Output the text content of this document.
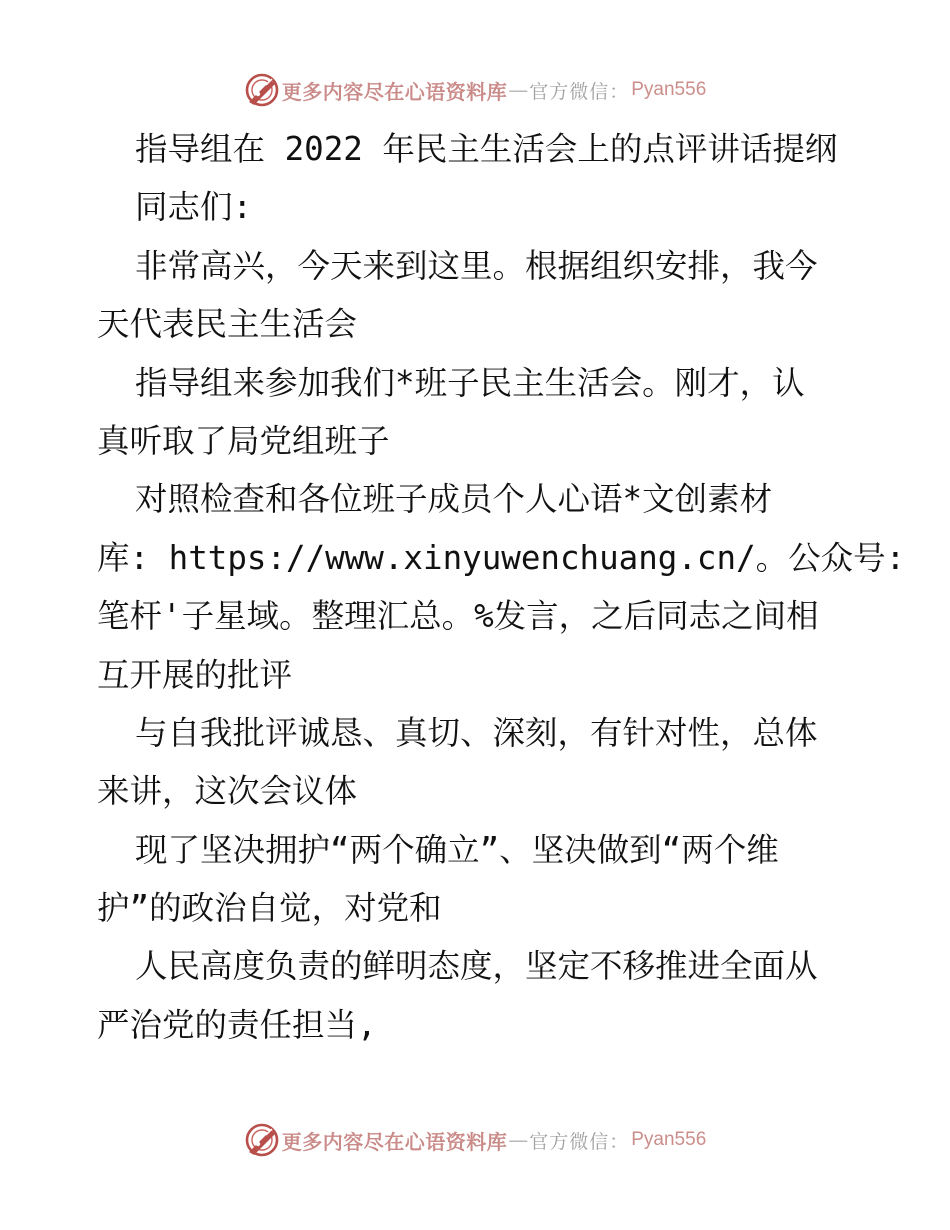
更多内容尽在心语资料库 — 官方微信： Pyan556

指导组在 2022 年民主生活会上的点评讲话提纲

同志们:

非常高兴，今天来到这里。根据组织安排，我今

天代表民主生活会

指导组来参加我们*班子民主生活会。刚才，认

真听取了局党组班子

对照检查和各位班子成员个人心语*文创素材

库: https://www.xinyuwenchuang.cn/。公众号:

笔杆'子星域。整理汇总。%发言，之后同志之间相

互开展的批评

与自我批评诚恳、真切、深刻，有针对性，总体

来讲，这次会议体

现了坚决拥护“两个确立”、坚决做到“两个维

护”的政治自觉，对党和

人民高度负责的鲜明态度，坚定不移推进全面从

严治党的责任担当,

更多内容尽在心语资料库 — 官方微信： Pyan556
